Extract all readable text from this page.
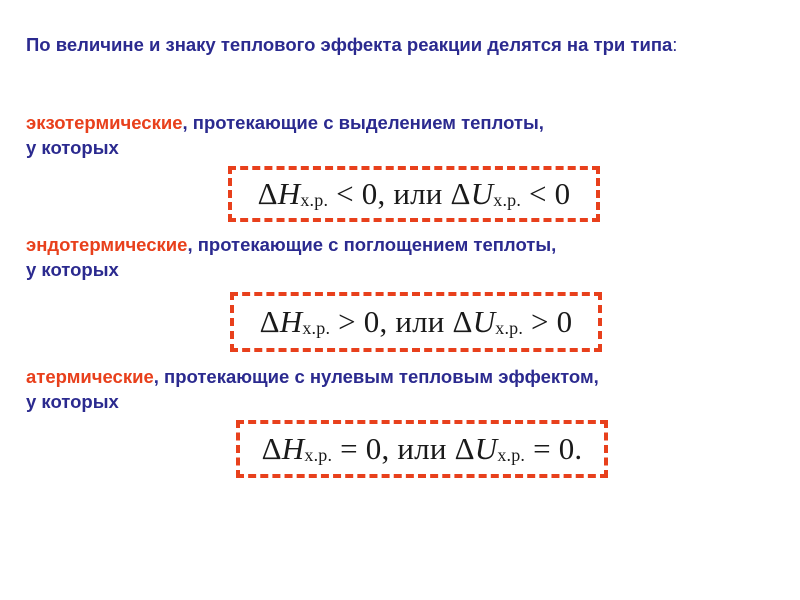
По величине и знаку теплового эффекта реакции делятся на три типа:

экзотермические, протекающие с выделением теплоты,
у которых

ΔHх.р. < 0, или ΔUх.р. < 0

эндотермические, протекающие с поглощением теплоты,
у которых

ΔHх.р. > 0, или ΔUх.р. > 0

атермические, протекающие с нулевым тепловым эффектом,
у которых

ΔHх.р. = 0, или ΔUх.р. = 0.
